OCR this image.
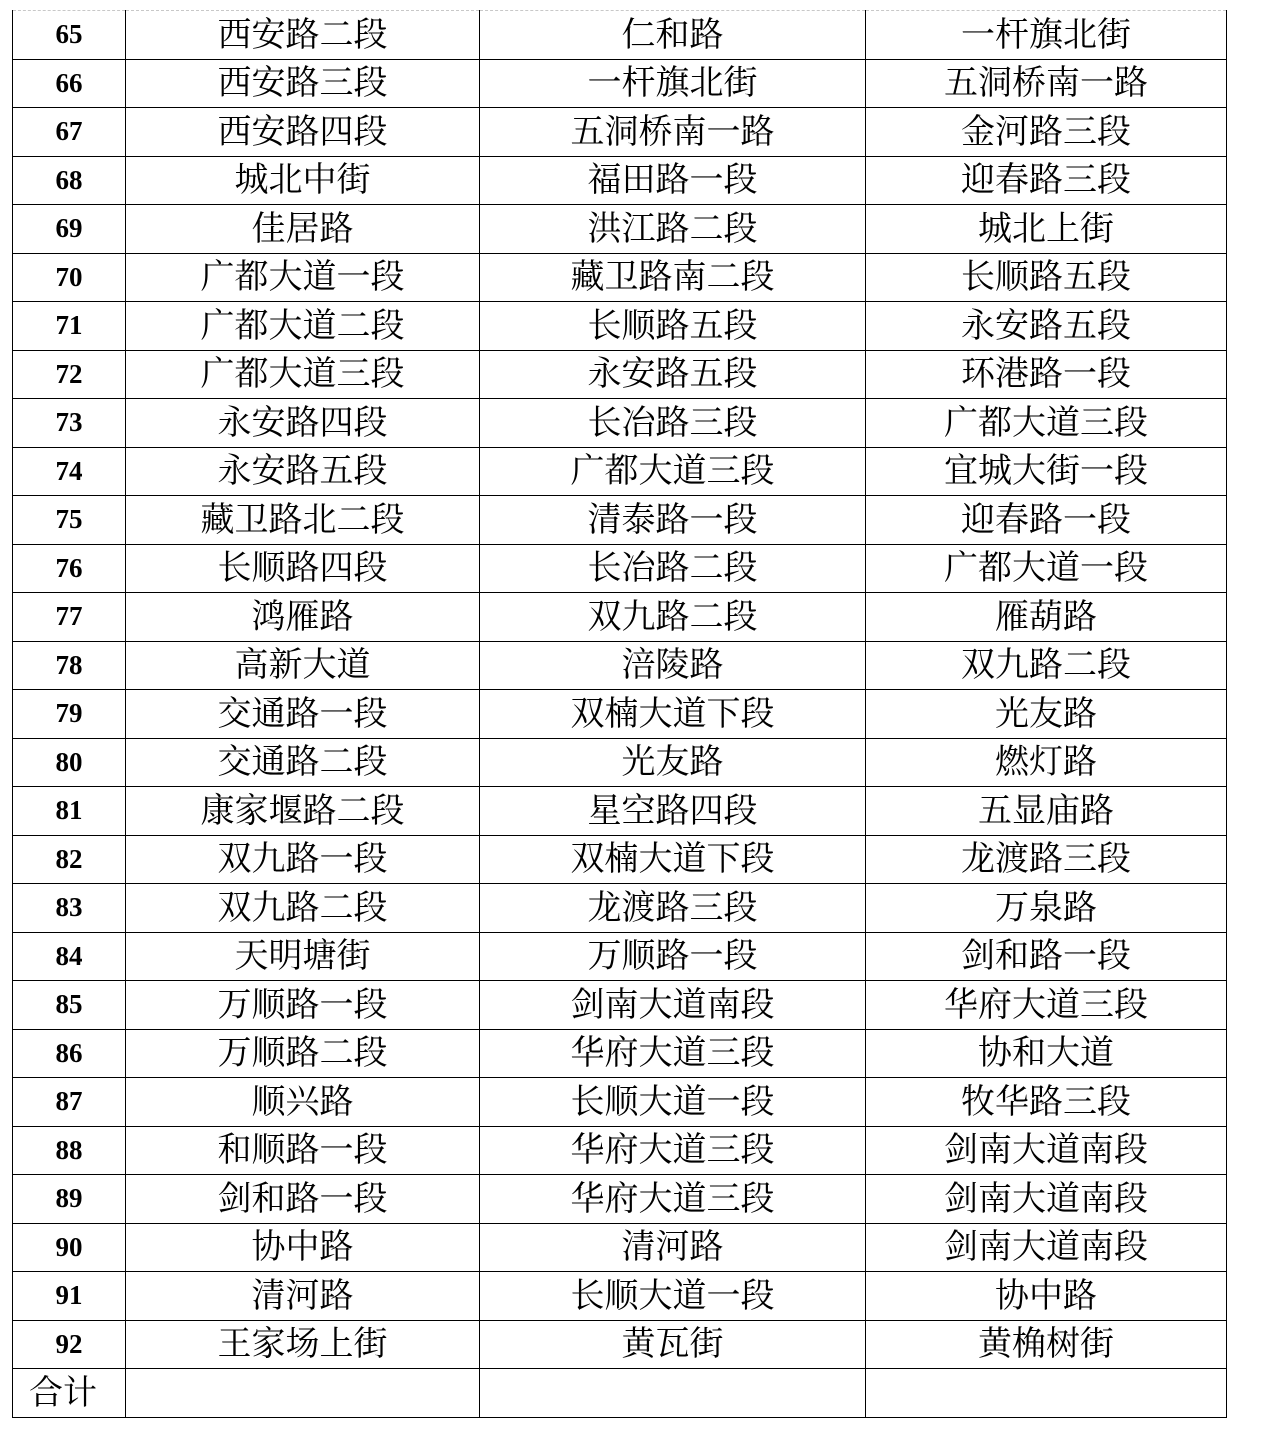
65	西安路二段	仁和路	一杆旗北街
66	西安路三段	一杆旗北街	五洞桥南一路
67	西安路四段	五洞桥南一路	金河路三段
68	城北中街	福田路一段	迎春路三段
69	佳居路	洪江路二段	城北上街
70	广都大道一段	藏卫路南二段	长顺路五段
71	广都大道二段	长顺路五段	永安路五段
72	广都大道三段	永安路五段	环港路一段
73	永安路四段	长冶路三段	广都大道三段
74	永安路五段	广都大道三段	宜城大街一段
75	藏卫路北二段	清泰路一段	迎春路一段
76	长顺路四段	长冶路二段	广都大道一段
77	鸿雁路	双九路二段	雁葫路
78	高新大道	涪陵路	双九路二段
79	交通路一段	双楠大道下段	光友路
80	交通路二段	光友路	燃灯路
81	康家堰路二段	星空路四段	五显庙路
82	双九路一段	双楠大道下段	龙渡路三段
83	双九路二段	龙渡路三段	万泉路
84	天明塘街	万顺路一段	剑和路一段
85	万顺路一段	剑南大道南段	华府大道三段
86	万顺路二段	华府大道三段	协和大道
87	顺兴路	长顺大道一段	牧华路三段
88	和顺路一段	华府大道三段	剑南大道南段
89	剑和路一段	华府大道三段	剑南大道南段
90	协中路	清河路	剑南大道南段
91	清河路	长顺大道一段	协中路
92	王家场上街	黄瓦街	黄桷树街
合计			
